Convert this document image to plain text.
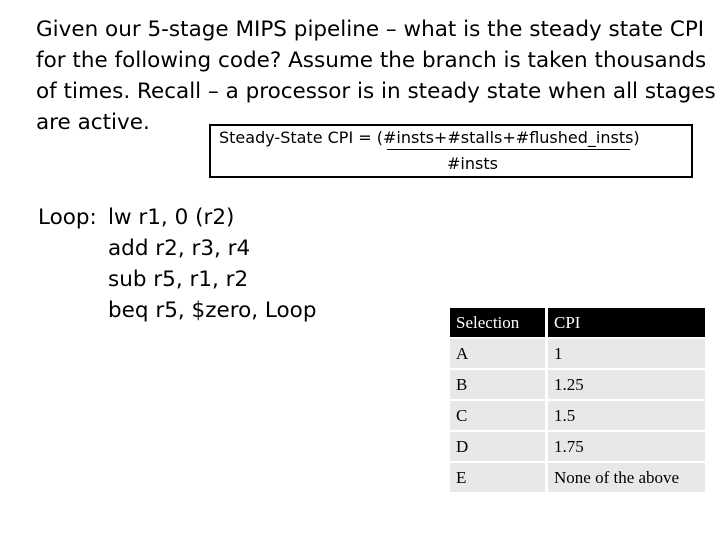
Given our 5-stage MIPS pipeline – what is the steady state CPI
for the following code? Assume the branch is taken thousands
of times. Recall – a processor is in steady state when all stages
are active.
Steady-State CPI = (#insts+#stalls+#flushed_insts)
#insts
Loop: lw r1, 0 (r2)
add r2, r3, r4
sub r5, r1, r2
beq r5, $zero, Loop	Selection	CPI
A	1
B	1.25
C	1.5
D	1.75
E	None of the above
